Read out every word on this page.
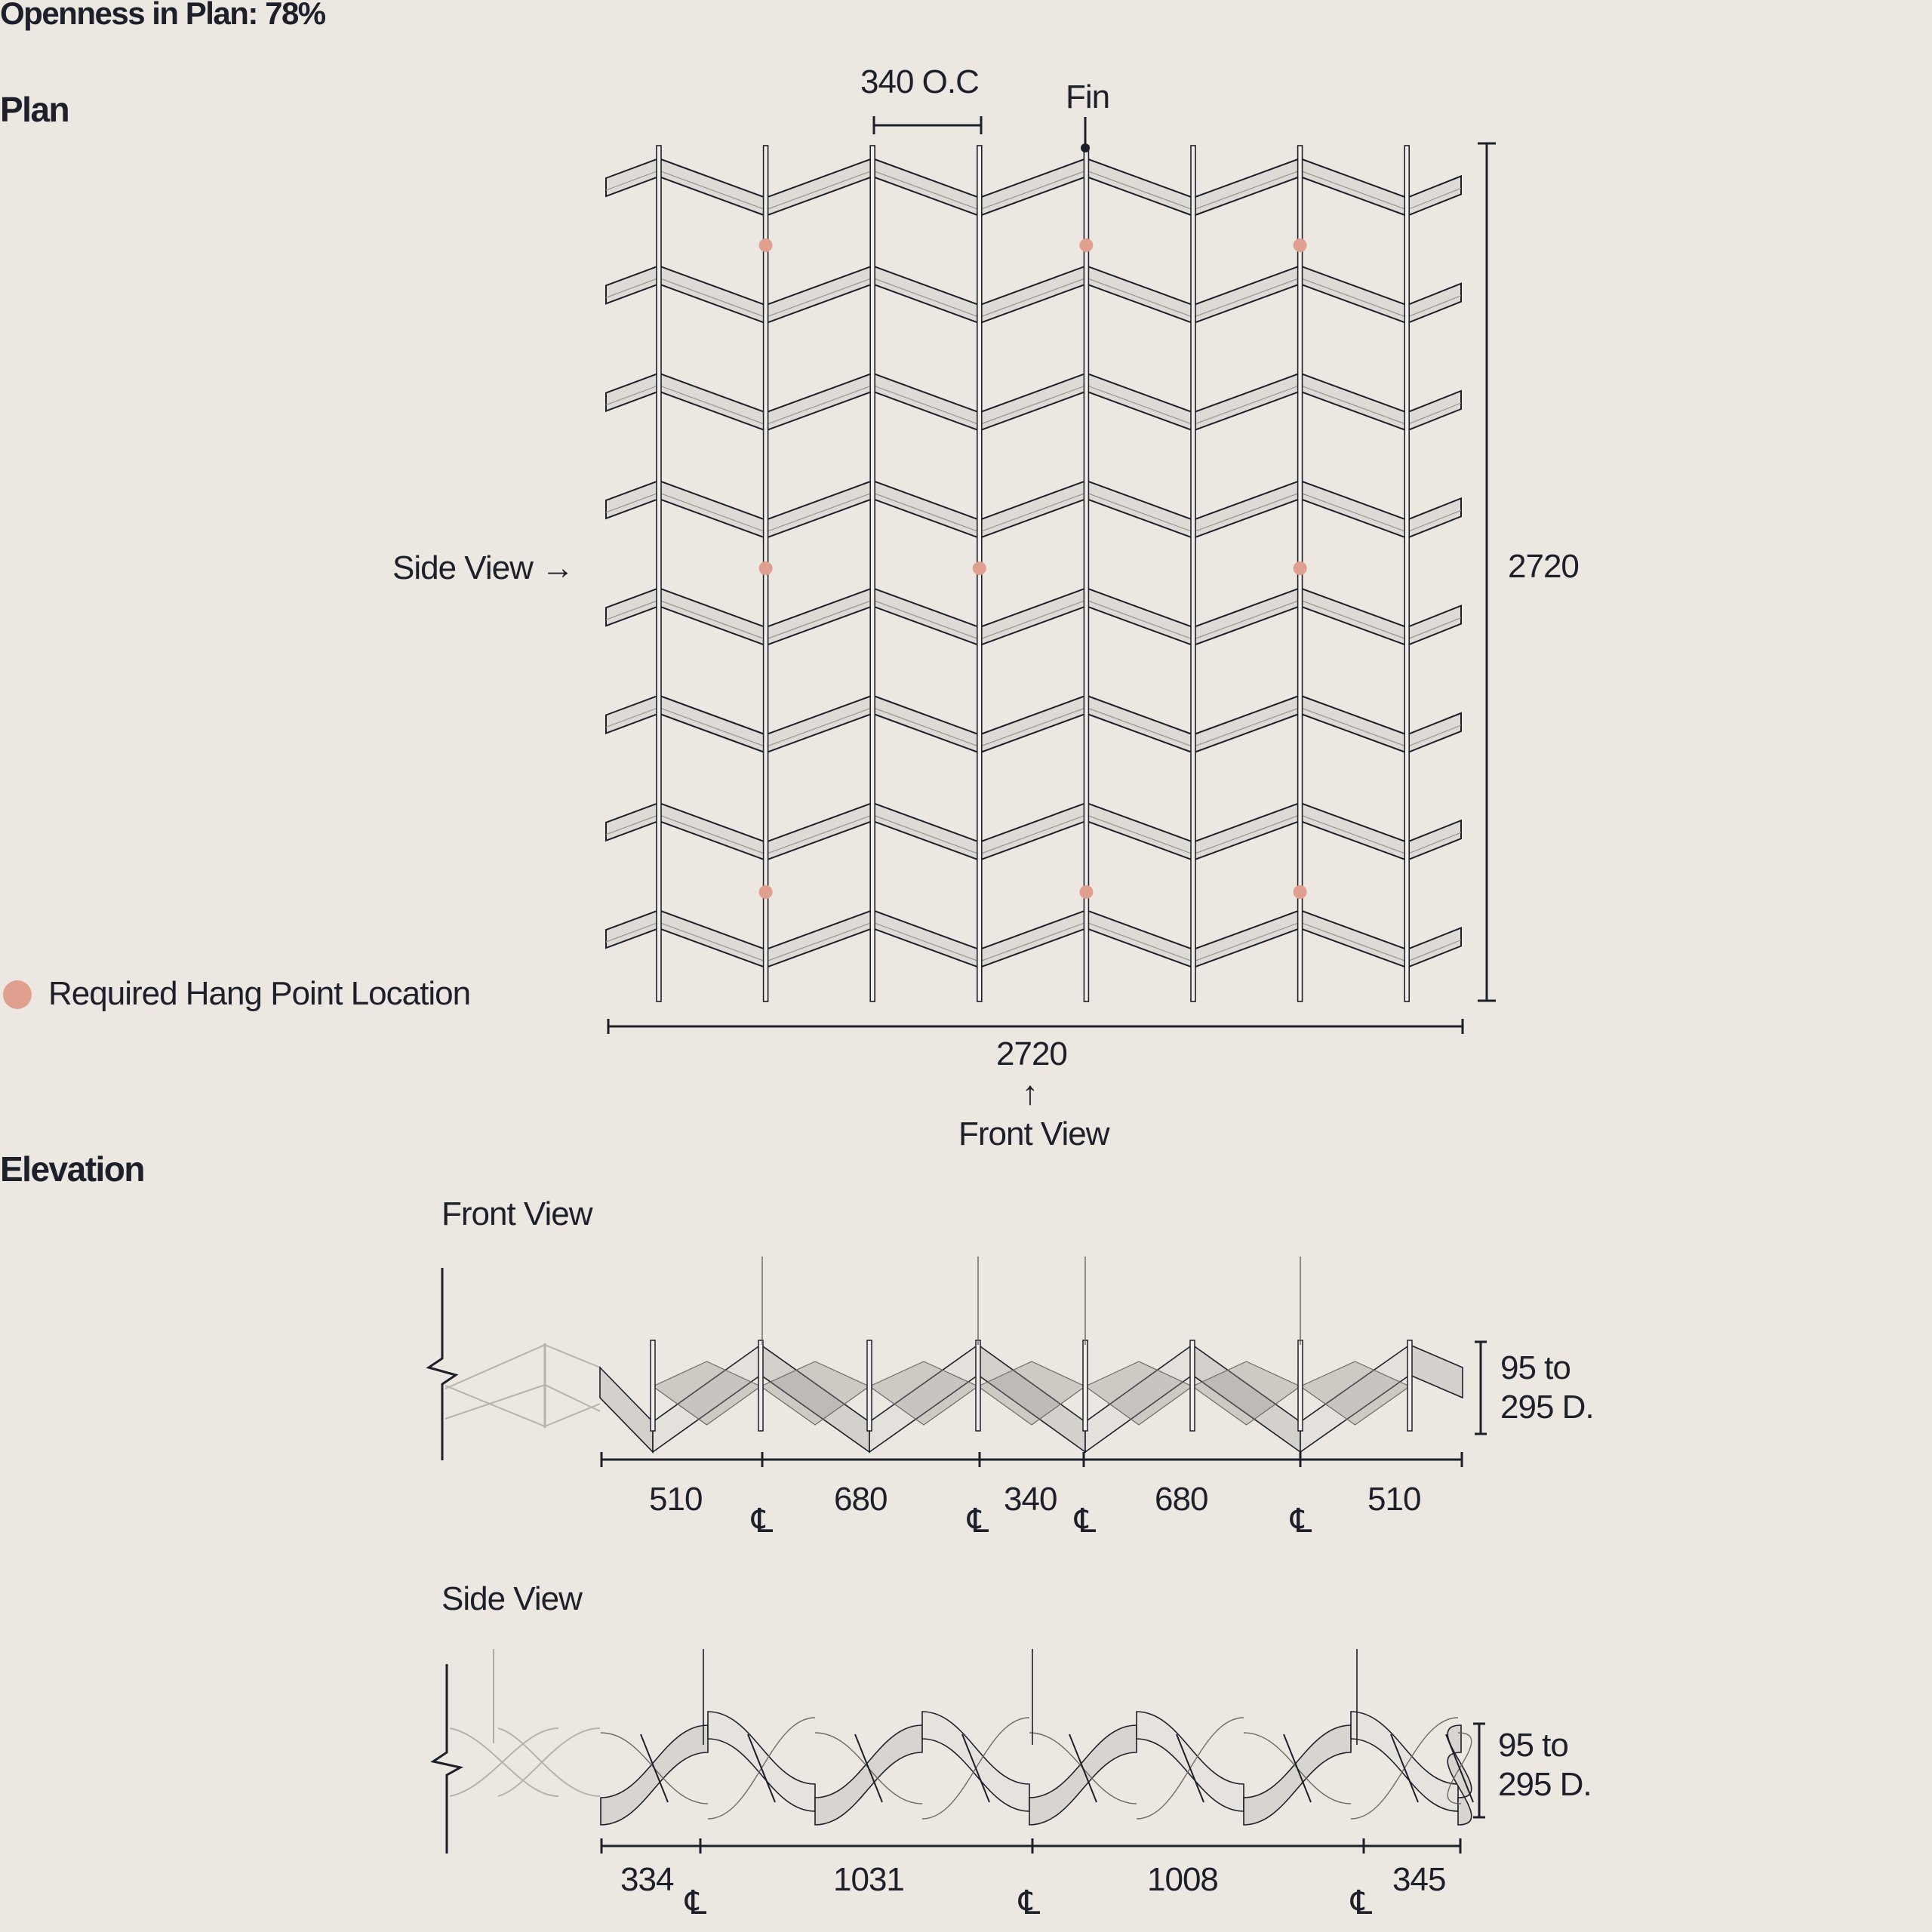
Openness in Plan: 78%
Plan
340 O.C	Fin
Side View →	2720
2720
↑
Front View
Required Hang Point Location
Elevation
Front View
95 to
295 D.
510	680	340	680	510
℄	℄	℄	℄
Side View
95 to
295 D.
334	1031	1008	345
℄	℄	℄
